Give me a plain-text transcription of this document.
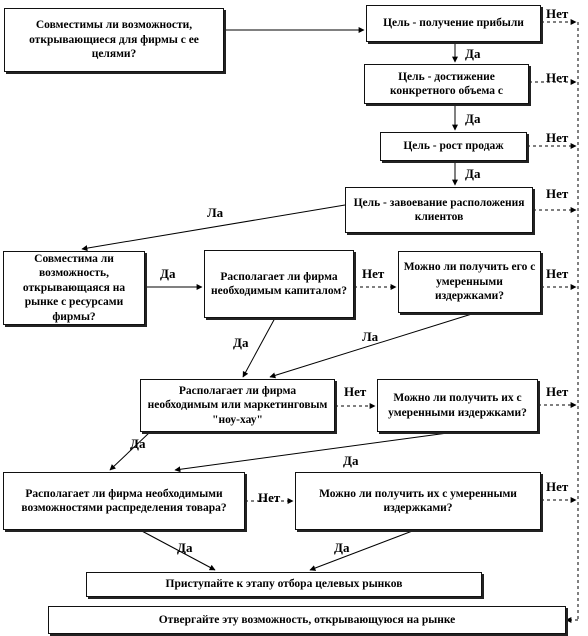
Совместимы ли возможности, открывающиеся для фирмы с ее целями?
Цель - получение прибыли
Цель - достижение конкретного объема с
Цель - рост продаж
Цель - завоевание расположения клиентов
Совместима ли возможность, открывающаяся на рынке с ресурсами фирмы?
Располагает ли фирма необходимым капиталом?
Можно ли получить его с умеренными издержками?
Располагает ли фирма необходимым или маркетинговым "ноу-хау"
Можно ли получить их с умеренными издержками?
Располагает ли фирма необходимыми возможностями распределения товара?
Можно ли получить их с умеренными издержками?
Приступайте к этапу отбора целевых рынков
Отвергайте эту возможность, открывающуюся на рынке
Нет
Да
Нет
Да
Нет
Да
Нет
Ла
Да	Нет	Нет
Ла
Да
Нет	Нет
Да
Да
Нет
Нет
Да	Да
